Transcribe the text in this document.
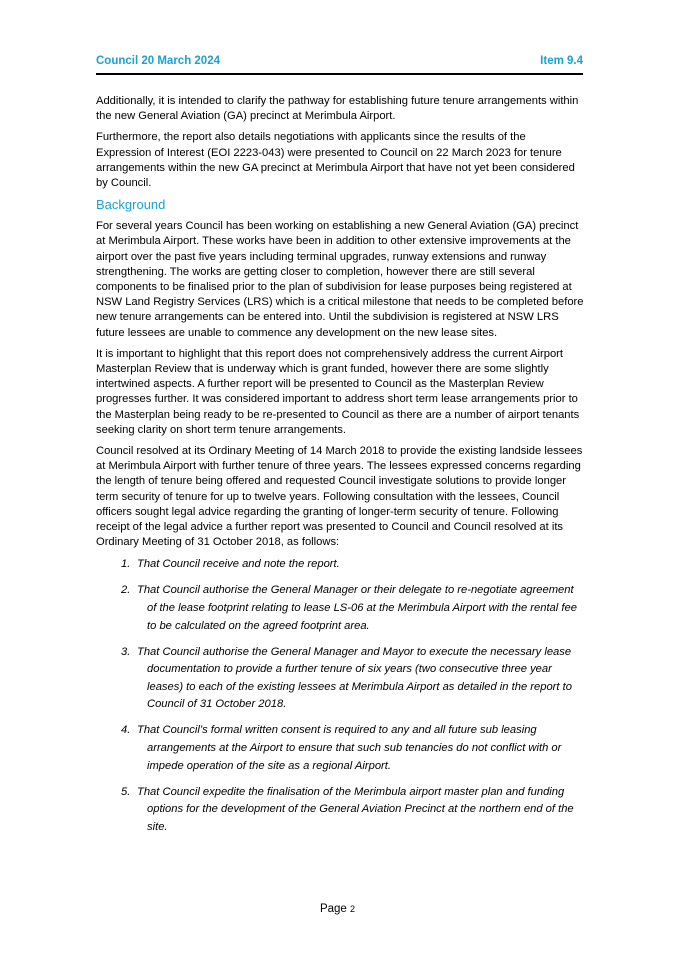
Council 20 March 2024	Item 9.4

Additionally, it is intended to clarify the pathway for establishing future tenure arrangements within the new General Aviation (GA) precinct at Merimbula Airport.

Furthermore, the report also details negotiations with applicants since the results of the Expression of Interest (EOI 2223-043) were presented to Council on 22 March 2023 for tenure arrangements within the new GA precinct at Merimbula Airport that have not yet been considered by Council.

Background

For several years Council has been working on establishing a new General Aviation (GA) precinct at Merimbula Airport. These works have been in addition to other extensive improvements at the airport over the past five years including terminal upgrades, runway extensions and runway strengthening. The works are getting closer to completion, however there are still several components to be finalised prior to the plan of subdivision for lease purposes being registered at NSW Land Registry Services (LRS) which is a critical milestone that needs to be completed before new tenure arrangements can be entered into. Until the subdivision is registered at NSW LRS future lessees are unable to commence any development on the new lease sites.

It is important to highlight that this report does not comprehensively address the current Airport Masterplan Review that is underway which is grant funded, however there are some slightly intertwined aspects. A further report will be presented to Council as the Masterplan Review progresses further. It was considered important to address short term lease arrangements prior to the Masterplan being ready to be re-presented to Council as there are a number of airport tenants seeking clarity on short term tenure arrangements.

Council resolved at its Ordinary Meeting of 14 March 2018 to provide the existing landside lessees at Merimbula Airport with further tenure of three years. The lessees expressed concerns regarding the length of tenure being offered and requested Council investigate solutions to provide longer term security of tenure for up to twelve years. Following consultation with the lessees, Council officers sought legal advice regarding the granting of longer-term security of tenure. Following receipt of the legal advice a further report was presented to Council and Council resolved at its Ordinary Meeting of 31 October 2018, as follows:

1. That Council receive and note the report.
2. That Council authorise the General Manager or their delegate to re-negotiate agreement of the lease footprint relating to lease LS-06 at the Merimbula Airport with the rental fee to be calculated on the agreed footprint area.
3. That Council authorise the General Manager and Mayor to execute the necessary lease documentation to provide a further tenure of six years (two consecutive three year leases) to each of the existing lessees at Merimbula Airport as detailed in the report to Council of 31 October 2018.
4. That Council’s formal written consent is required to any and all future sub leasing arrangements at the Airport to ensure that such sub tenancies do not conflict with or impede operation of the site as a regional Airport.
5. That Council expedite the finalisation of the Merimbula airport master plan and funding options for the development of the General Aviation Precinct at the northern end of the site.
Page 2
